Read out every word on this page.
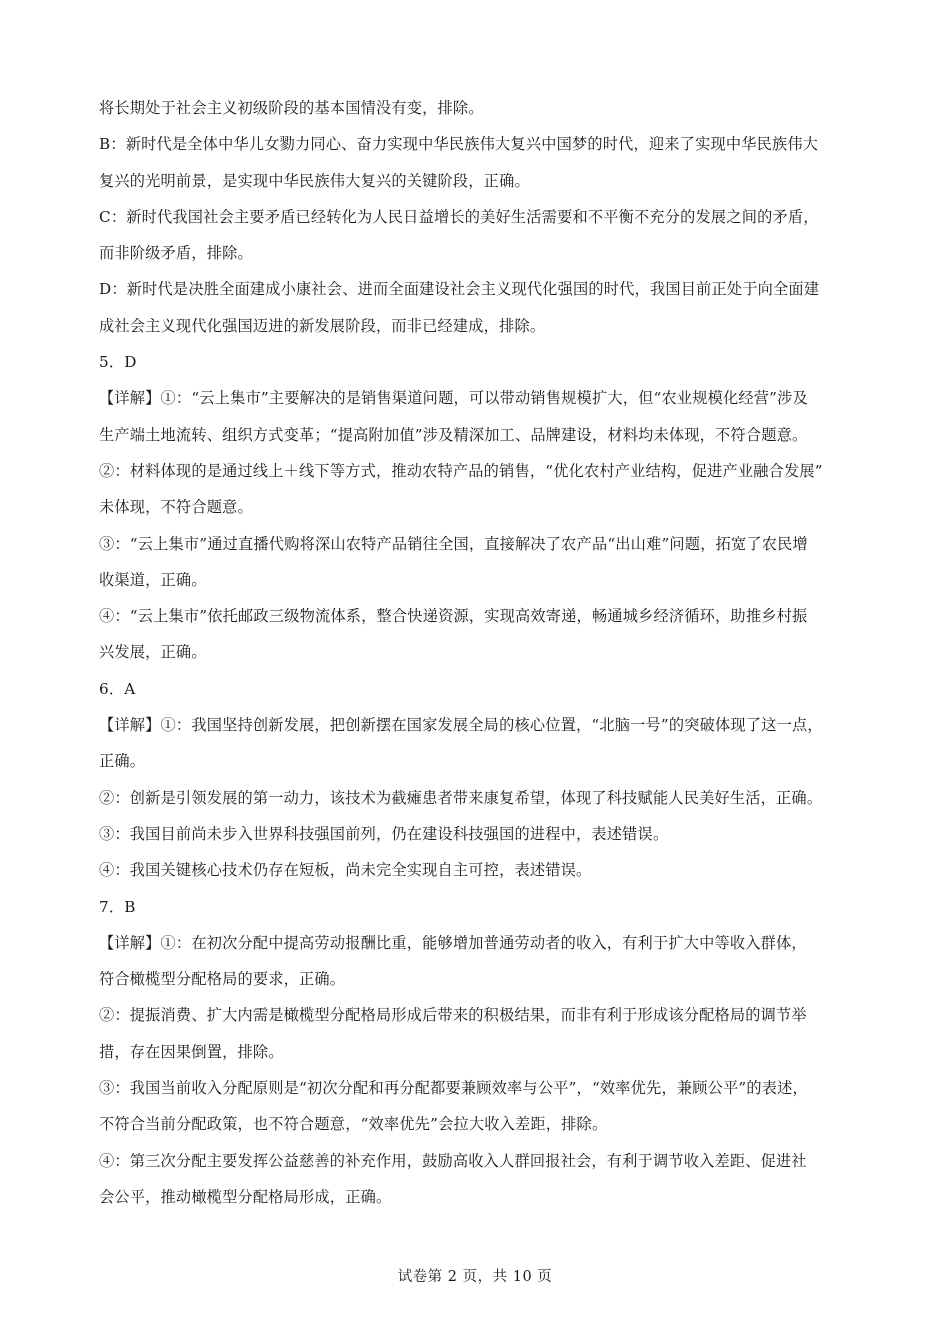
将长期处于社会主义初级阶段的基本国情没有变，排除。
B：新时代是全体中华儿女勠力同心、奋力实现中华民族伟大复兴中国梦的时代，迎来了实现中华民族伟大
复兴的光明前景，是实现中华民族伟大复兴的关键阶段，正确。
C：新时代我国社会主要矛盾已经转化为人民日益增长的美好生活需要和不平衡不充分的发展之间的矛盾，
而非阶级矛盾，排除。
D：新时代是决胜全面建成小康社会、进而全面建设社会主义现代化强国的时代，我国目前正处于向全面建
成社会主义现代化强国迈进的新发展阶段，而非已经建成，排除。
5．D
【详解】①：“云上集市”主要解决的是销售渠道问题，可以带动销售规模扩大，但“农业规模化经营”涉及
生产端土地流转、组织方式变革；“提高附加值”涉及精深加工、品牌建设，材料均未体现，不符合题意。
②：材料体现的是通过线上＋线下等方式，推动农特产品的销售，“优化农村产业结构，促进产业融合发展”
未体现，不符合题意。
③：“云上集市”通过直播代购将深山农特产品销往全国，直接解决了农产品“出山难”问题，拓宽了农民增
收渠道，正确。
④：“云上集市”依托邮政三级物流体系，整合快递资源，实现高效寄递，畅通城乡经济循环，助推乡村振
兴发展，正确。
6．A
【详解】①：我国坚持创新发展，把创新摆在国家发展全局的核心位置，“北脑一号”的突破体现了这一点，
正确。
②：创新是引领发展的第一动力，该技术为截瘫患者带来康复希望，体现了科技赋能人民美好生活，正确。
③：我国目前尚未步入世界科技强国前列，仍在建设科技强国的进程中，表述错误。
④：我国关键核心技术仍存在短板，尚未完全实现自主可控，表述错误。
7．B
【详解】①：在初次分配中提高劳动报酬比重，能够增加普通劳动者的收入，有利于扩大中等收入群体，
符合橄榄型分配格局的要求，正确。
②：提振消费、扩大内需是橄榄型分配格局形成后带来的积极结果，而非有利于形成该分配格局的调节举
措，存在因果倒置，排除。
③：我国当前收入分配原则是“初次分配和再分配都要兼顾效率与公平”，“效率优先，兼顾公平”的表述，
不符合当前分配政策，也不符合题意，“效率优先”会拉大收入差距，排除。
④：第三次分配主要发挥公益慈善的补充作用，鼓励高收入人群回报社会，有利于调节收入差距、促进社
会公平，推动橄榄型分配格局形成，正确。
试卷第 2 页，共 10 页
